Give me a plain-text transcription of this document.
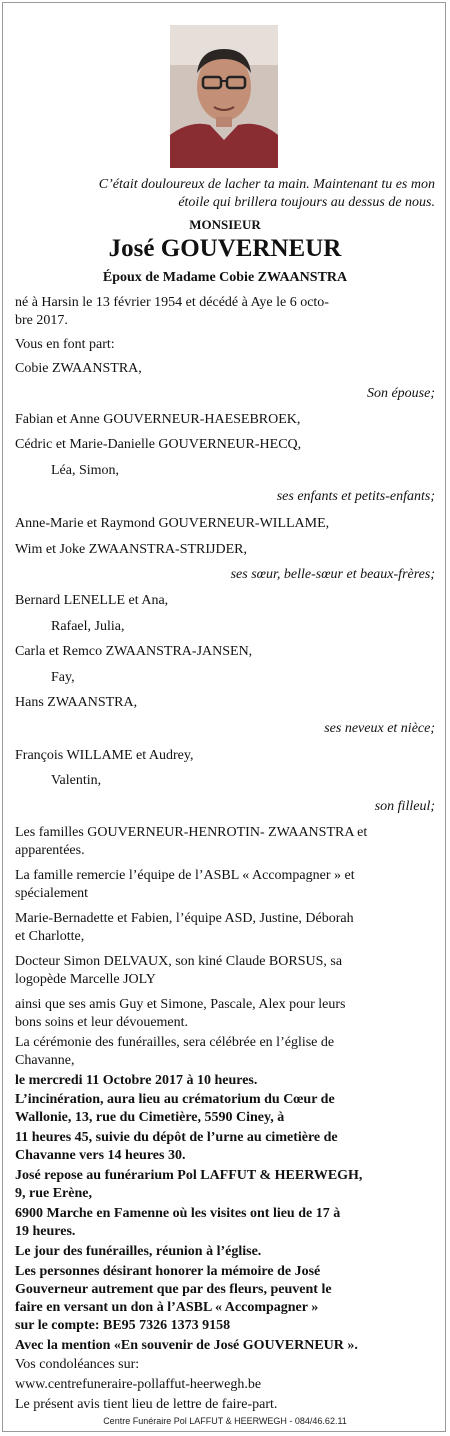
C’était douloureux de lacher ta main. Maintenant tu es mon
étoile qui brillera toujours au dessus de nous.
MONSIEUR
José GOUVERNEUR
Époux de Madame Cobie ZWAANSTRA
né à Harsin le 13 février 1954 et décédé à Aye le 6 octo-
bre 2017.
Vous en font part:
Cobie ZWAANSTRA,
Son épouse;
Fabian et Anne GOUVERNEUR-HAESEBROEK,
Cédric et Marie-Danielle GOUVERNEUR-HECQ,
Léa, Simon,
ses enfants et petits-enfants;
Anne-Marie et Raymond GOUVERNEUR-WILLAME,
Wim et Joke ZWAANSTRA-STRIJDER,
ses sœur, belle-sœur et beaux-frères;
Bernard LENELLE et Ana,
Rafael, Julia,
Carla et Remco ZWAANSTRA-JANSEN,
Fay,
Hans ZWAANSTRA,
ses neveux et nièce;
François WILLAME et Audrey,
Valentin,
son filleul;
Les familles GOUVERNEUR-HENROTIN- ZWAANSTRA et
apparentées.
La famille remercie l’équipe de l’ASBL « Accompagner » et
spécialement
Marie-Bernadette et Fabien, l’équipe ASD, Justine, Déborah
et Charlotte,
Docteur Simon DELVAUX, son kiné Claude BORSUS, sa
logopède Marcelle JOLY
ainsi que ses amis Guy et Simone, Pascale, Alex pour leurs
bons soins et leur dévouement.
La cérémonie des funérailles, sera célébrée en l’église de
Chavanne,
le mercredi 11 Octobre 2017 à 10 heures.
L’incinération, aura lieu au crématorium du Cœur de
Wallonie, 13, rue du Cimetière, 5590 Ciney, à
11 heures 45, suivie du dépôt de l’urne au cimetière de
Chavanne vers 14 heures 30.
José repose au funérarium Pol LAFFUT & HEERWEGH,
9, rue Erène,
6900 Marche en Famenne où les visites ont lieu de 17 à
19 heures.
Le jour des funérailles, réunion à l’église.
Les personnes désirant honorer la mémoire de José
Gouverneur autrement que par des fleurs, peuvent le
faire en versant un don à l’ASBL « Accompagner »
sur le compte: BE95 7326 1373 9158
Avec la mention «En souvenir de José GOUVERNEUR ».
Vos condoléances sur:
www.centrefuneraire-pollaffut-heerwegh.be
Le présent avis tient lieu de lettre de faire-part.
Centre Funéraire Pol LAFFUT & HEERWEGH - 084/46.62.11
